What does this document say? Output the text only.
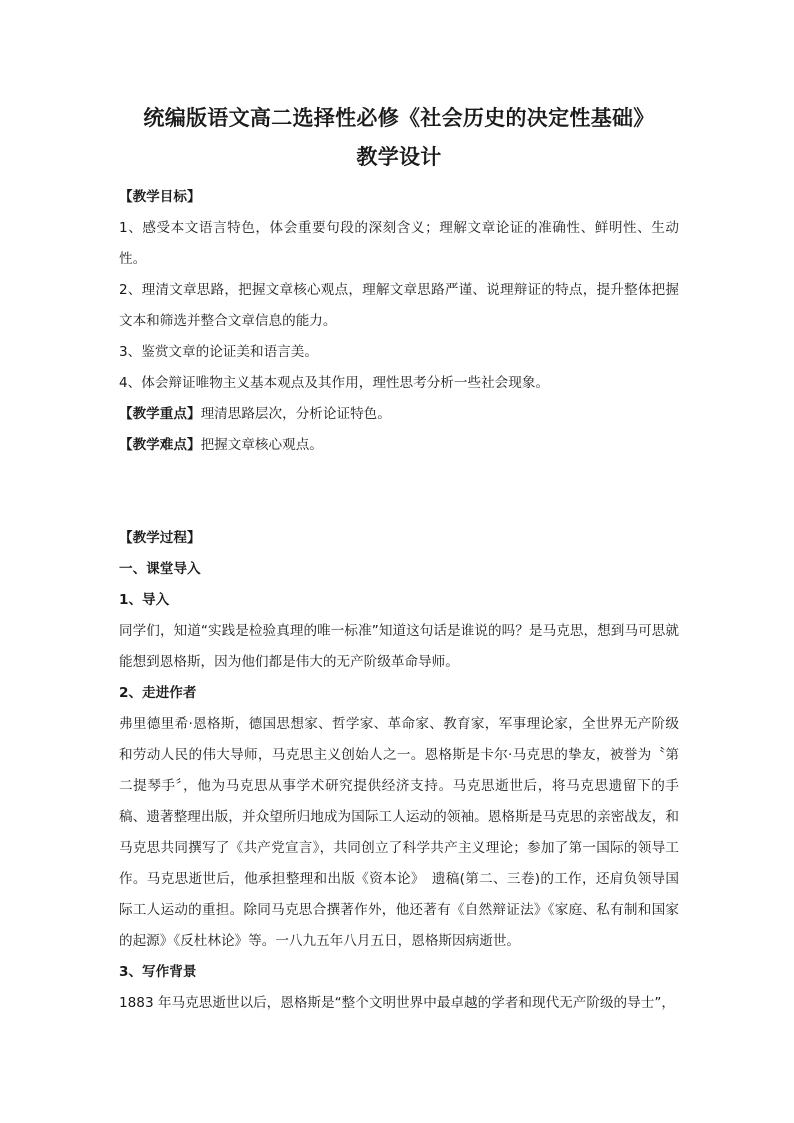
统编版语文高二选择性必修《社会历史的决定性基础》
教学设计

【教学目标】

1、感受本文语言特色，体会重要句段的深刻含义；理解文章论证的准确性、鲜明性、生动性。

2、理清文章思路，把握文章核心观点，理解文章思路严谨、说理辩证的特点，提升整体把握文本和筛选并整合文章信息的能力。

3、鉴赏文章的论证美和语言美。

4、体会辩证唯物主义基本观点及其作用，理性思考分析一些社会现象。

【教学重点】理清思路层次，分析论证特色。

【教学难点】把握文章核心观点。

【教学过程】

一、课堂导入

1、导入

同学们，知道“实践是检验真理的唯一标准”知道这句话是谁说的吗？是马克思，想到马可思就能想到恩格斯，因为他们都是伟大的无产阶级革命导师。

2、走进作者

弗里德里希·恩格斯，德国思想家、哲学家、革命家、教育家，军事理论家，全世界无产阶级和劳动人民的伟大导师，马克思主义创始人之一。恩格斯是卡尔·马克思的挚友，被誉为〝第二提琴手〞，他为马克思从事学术研究提供经济支持。马克思逝世后，将马克思遗留下的手稿、遗著整理出版，并众望所归地成为国际工人运动的领袖。恩格斯是马克思的亲密战友，和马克思共同撰写了《共产党宣言》，共同创立了科学共产主义理论；参加了第一国际的领导工作。马克思逝世后，他承担整理和出版《资本论》　遗稿(第二、三卷)的工作，还肩负领导国际工人运动的重担。除同马克思合撰著作外，他还著有《自然辩证法》《家庭、私有制和国家的起源》《反杜林论》等。一八九五年八月五日，恩格斯因病逝世。

3、写作背景

1883 年马克思逝世以后，恩格斯是“整个文明世界中最卓越的学者和现代无产阶级的导士”，
